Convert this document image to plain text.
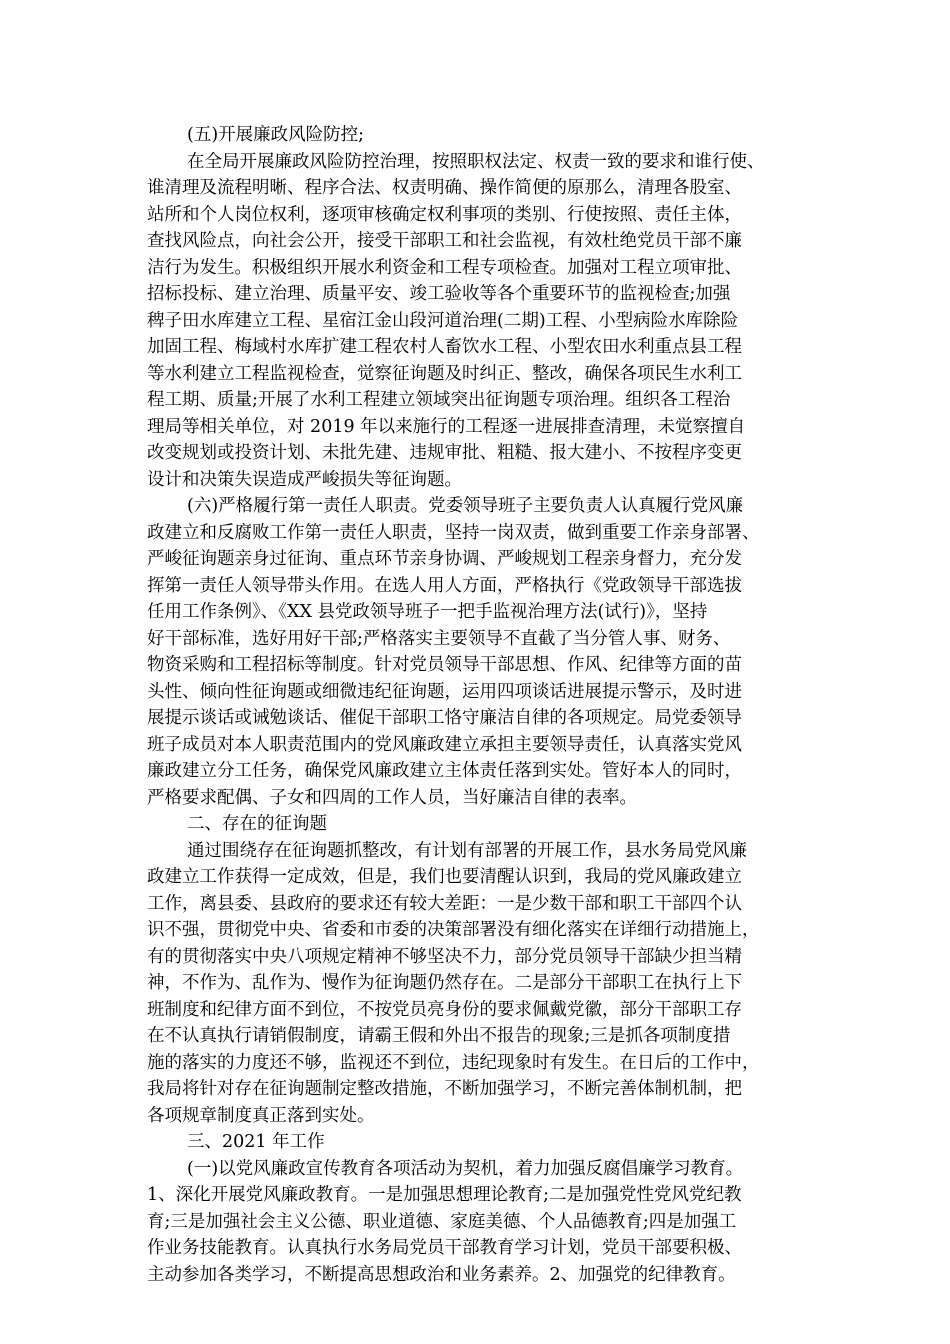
(五)开展廉政风险防控;
在全局开展廉政风险防控治理，按照职权法定、权责一致的要求和谁行使、
谁清理及流程明晰、程序合法、权责明确、操作简便的原那么，清理各股室、
站所和个人岗位权利，逐项审核确定权利事项的类别、行使按照、责任主体，
查找风险点，向社会公开，接受干部职工和社会监视，有效杜绝党员干部不廉
洁行为发生。积极组织开展水利资金和工程专项检查。加强对工程立项审批、
招标投标、建立治理、质量平安、竣工验收等各个重要环节的监视检查;加强
稗子田水库建立工程、星宿江金山段河道治理(二期)工程、小型病险水库除险
加固工程、梅域村水库扩建工程农村人畜饮水工程、小型农田水利重点县工程
等水利建立工程监视检查，觉察征询题及时纠正、整改，确保各项民生水利工
程工期、质量;开展了水利工程建立领域突出征询题专项治理。组织各工程治
理局等相关单位，对 2019 年以来施行的工程逐一进展排查清理，未觉察擅自
改变规划或投资计划、未批先建、违规审批、粗糙、报大建小、不按程序变更
设计和决策失误造成严峻损失等征询题。
(六)严格履行第一责任人职责。党委领导班子主要负责人认真履行党风廉
政建立和反腐败工作第一责任人职责，坚持一岗双责，做到重要工作亲身部署、
严峻征询题亲身过征询、重点环节亲身协调、严峻规划工程亲身督力，充分发
挥第一责任人领导带头作用。在选人用人方面，严格执行《党政领导干部选拔
任用工作条例》、《XX 县党政领导班子一把手监视治理方法(试行)》，坚持
好干部标准，选好用好干部;严格落实主要领导不直截了当分管人事、财务、
物资采购和工程招标等制度。针对党员领导干部思想、作风、纪律等方面的苗
头性、倾向性征询题或细微违纪征询题，运用四项谈话进展提示警示，及时进
展提示谈话或诫勉谈话、催促干部职工恪守廉洁自律的各项规定。局党委领导
班子成员对本人职责范围内的党风廉政建立承担主要领导责任，认真落实党风
廉政建立分工任务，确保党风廉政建立主体责任落到实处。管好本人的同时，
严格要求配偶、子女和四周的工作人员，当好廉洁自律的表率。
二、存在的征询题
通过围绕存在征询题抓整改，有计划有部署的开展工作，县水务局党风廉
政建立工作获得一定成效，但是，我们也要清醒认识到，我局的党风廉政建立
工作，离县委、县政府的要求还有较大差距：一是少数干部和职工干部四个认
识不强，贯彻党中央、省委和市委的决策部署没有细化落实在详细行动措施上，
有的贯彻落实中央八项规定精神不够坚决不力，部分党员领导干部缺少担当精
神，不作为、乱作为、慢作为征询题仍然存在。二是部分干部职工在执行上下
班制度和纪律方面不到位，不按党员亮身份的要求佩戴党徽，部分干部职工存
在不认真执行请销假制度，请霸王假和外出不报告的现象;三是抓各项制度措
施的落实的力度还不够，监视还不到位，违纪现象时有发生。在日后的工作中，
我局将针对存在征询题制定整改措施，不断加强学习，不断完善体制机制，把
各项规章制度真正落到实处。
三、2021 年工作
(一)以党风廉政宣传教育各项活动为契机，着力加强反腐倡廉学习教育。
1、深化开展党风廉政教育。一是加强思想理论教育;二是加强党性党风党纪教
育;三是加强社会主义公德、职业道德、家庭美德、个人品德教育;四是加强工
作业务技能教育。认真执行水务局党员干部教育学习计划，党员干部要积极、
主动参加各类学习，不断提高思想政治和业务素养。2、加强党的纪律教育。
